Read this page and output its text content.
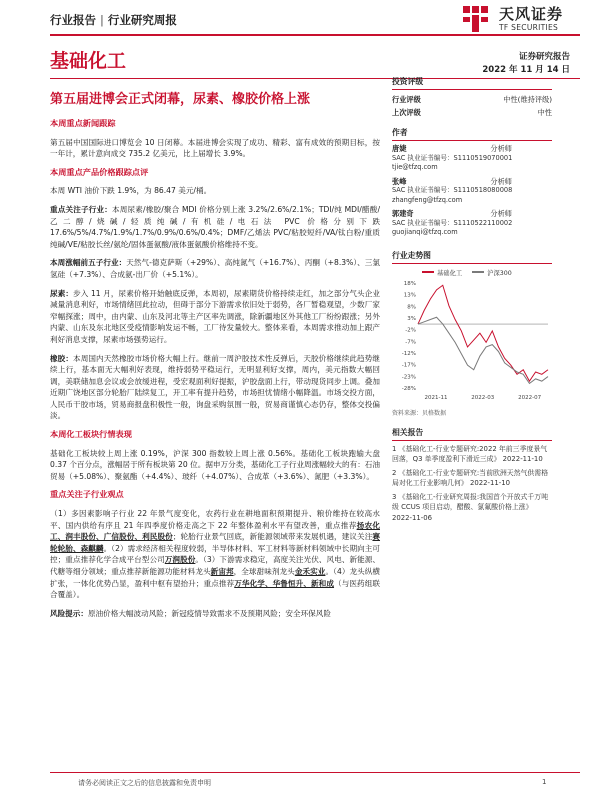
行业报告 | 行业研究周报	天风证券
TF SECURITIES
基础化工	证券研究报告
2022 年 11 月 14 日
第五届进博会正式闭幕，尿素、橡胶价格上涨
本周重点新闻跟踪
第五届中国国际进口博览会 10 日闭幕。本届进博会实现了成功、精彩、富有成效的预期目标，按一年计，累计意向成交 735.2 亿美元，比上届增长 3.9%。
本周重点产品价格跟踪点评
本周 WTI 油价下跌 1.9%，为 86.47 美元/桶。
重点关注子行业：本周尿素/橡胶/聚合 MDI 价格分别上涨 3.2%/2.6%/2.1%；TDI/纯 MDI/醋酸/乙二醇/烧碱/轻质纯碱/有机硅/电石法 PVC 价格分别下跌 17.6%/5%/4.7%/1.9%/1.7%/0.9%/0.6%/0.4%；DMF/乙烯法 PVC/粘胶短纤/VA/钛白粉/重质纯碱/VE/粘胶长丝/氨纶/固体蛋氨酸/液体蛋氨酸价格维持不变。
本周涨幅前五子行业：天然气-德克萨斯（+29%）、高纯氮气（+16.7%）、丙酮（+8.3%）、三氯氢硅（+7.3%）、合成氨-出厂价（+5.1%）。
尿素：步入 11 月，尿素价格开始触底反弹，本周初，尿素期货价格持续走红，加之部分气头企业减量消息利好，市场情绪回此拉动，但碍于部分下游需求依旧处于弱势，各厂暂稳观望，少数厂家窄幅探涨；周中，由内蒙、山东及河北等主产区率先调涨，除新疆地区外其他工厂纷纷跟涨；另外内蒙、山东及东北地区受疫情影响发运不畅，工厂待发量较大。整体来看，本周需求推动加上跟产利好消息支撑，尿素市场强势运行。
橡胶：本周国内天然橡胶市场价格大幅上行。继前一周沪胶技术性反弹后，天胶价格继续此趋势继续上行，基本面无大幅利好表现，维持弱势平稳运行，无明显利好支撑，周内，美元指数大幅回调，美联储加息会议或会放缓进程，受宏观面利好提振，沪胶盘面上行，带动现货同步上调。叠加近期广饶地区部分轮胎厂陆续复工，开工率有提升趋势，市场担忧情绪小幅降温。市场交投方面，人民币干胶市场，贸易商报盘积极性一般，询盘采购氛围一般，贸易商谨慎心态仍存，整体交投偏淡。
本周化工板块行情表现
基础化工板块较上周上涨 0.19%，沪深 300 指数较上周上涨 0.56%。基础化工板块跑输大盘 0.37 个百分点，涨幅居于所有板块第 20 位。据申万分类，基础化工子行业周涨幅较大的有：石油贸易（+5.08%）、聚氨酯（+4.4%）、玻纤（+4.07%）、合成革（+3.6%）、氮肥（+3.3%）。
重点关注子行业观点
（1）多因素影响子行业 22 年景气度变化，农药行业在耕地面积预期提升、粮价维持在较高水平、国内供给有序且 21 年四季度价格走高之下 22 年整体盈利水平有望改善，重点推荐扬农化工、润丰股份、广信股份、利民股份；轮胎行业景气回底，新能源领域带来发展机遇，建议关注赛轮轮胎、森麒麟。（2）需求经济相关程度较弱，半导体材料、军工材料等新材料领域中长期向主可控；重点推荐化学合成平台型公司万润股份。（3）下游需求稳定，高度关注光伏、风电、新能源、代糖等细分领域；重点推荐新能源功能材料龙头新宙邦，全球甜味剂龙头金禾实业。（4）龙头纵横扩张，一体化优势凸显，盈利中枢有望抬升；重点推荐万华化学、华鲁恒升、新和成（与医药组联合覆盖）。
风险提示：原油价格大幅波动风险；新冠疫情导致需求不及预期风险；安全环保风险
投资评级
行业评级	中性(维持评级)
上次评级	中性
作者
唐婕	分析师
SAC 执业证书编号：S1110519070001
tjie@tfzq.com
张峰	分析师
SAC 执业证书编号：S1110518080008
zhangfeng@tfzq.com
郭建奇	分析师
SAC 执业证书编号：S1110522110002
guojianqi@tfzq.com
行业走势图
基础化工	沪深300
18%
13%
8%
3%
-2%
-7%
-12%
-17%
-23%
-28%
2021-11	2022-03	2022-07
资料来源：贝格数据
相关报告
1 《基础化工-行业专题研究:2022 年前三季度景气回落，Q3 单季度盈利下滑近三成》 2022-11-10
2 《基础化工-行业专题研究:当前欧洲天然气供需格局对化工行业影响几何》 2022-11-10
3 《基础化工-行业研究周报:我国首个开放式千万吨级 CCUS 项目启动，醋酸、氯氟酸价格上涨》 2022-11-06
请务必阅读正文之后的信息披露和免责申明	1
